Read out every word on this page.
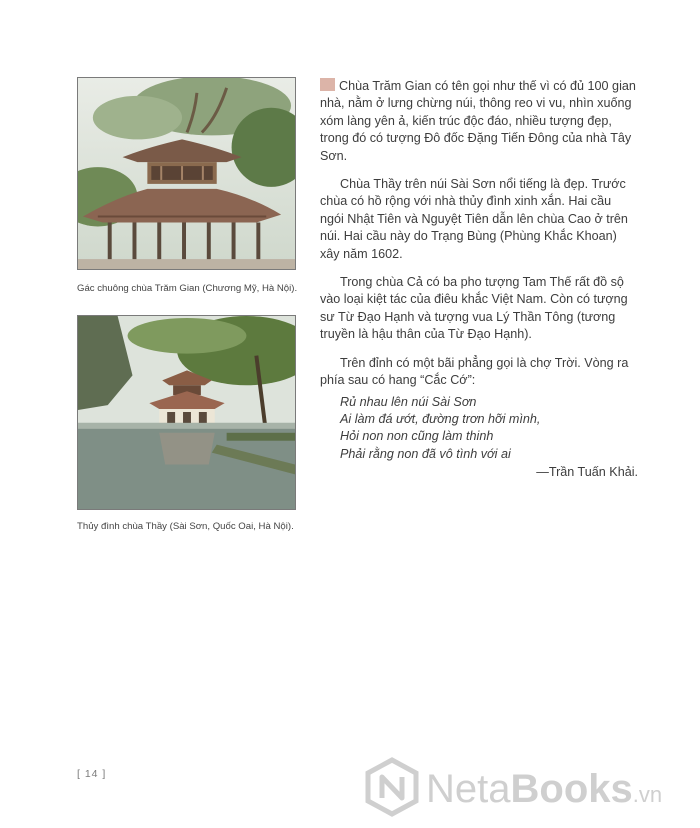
Gác chuông chùa Trăm Gian (Chương Mỹ, Hà Nội).
Thủy đình chùa Thầy (Sài Sơn, Quốc Oai, Hà Nội).

Chùa Trăm Gian có tên gọi như thế vì có đủ 100 gian nhà, nằm ở lưng chừng núi, thông reo vi vu, nhìn xuống xóm làng yên ả, kiến trúc độc đáo, nhiều tượng đẹp, trong đó có tượng Đô đốc Đặng Tiến Đông của nhà Tây Sơn.

Chùa Thầy trên núi Sài Sơn nổi tiếng là đẹp. Trước chùa có hồ rộng với nhà thủy đình xinh xắn. Hai cầu ngói Nhật Tiên và Nguyệt Tiên dẫn lên chùa Cao ở trên núi. Hai cầu này do Trạng Bùng (Phùng Khắc Khoan) xây năm 1602.

Trong chùa Cả có ba pho tượng Tam Thế rất đồ sộ vào loại kiệt tác của điêu khắc Việt Nam. Còn có tượng sư Từ Đạo Hạnh và tượng vua Lý Thần Tông (tương truyền là hậu thân của Từ Đạo Hạnh).

Trên đỉnh có một bãi phẳng gọi là chợ Trời. Vòng ra phía sau có hang “Cắc Cớ”:

Rủ nhau lên núi Sài Sơn
Ai làm đá ướt, đường trơn hỡi mình,
Hỏi non non cũng làm thinh
Phải rằng non đã vô tình với ai
—Trần Tuấn Khải.
[ 14 ]	NetaBooks.vn
